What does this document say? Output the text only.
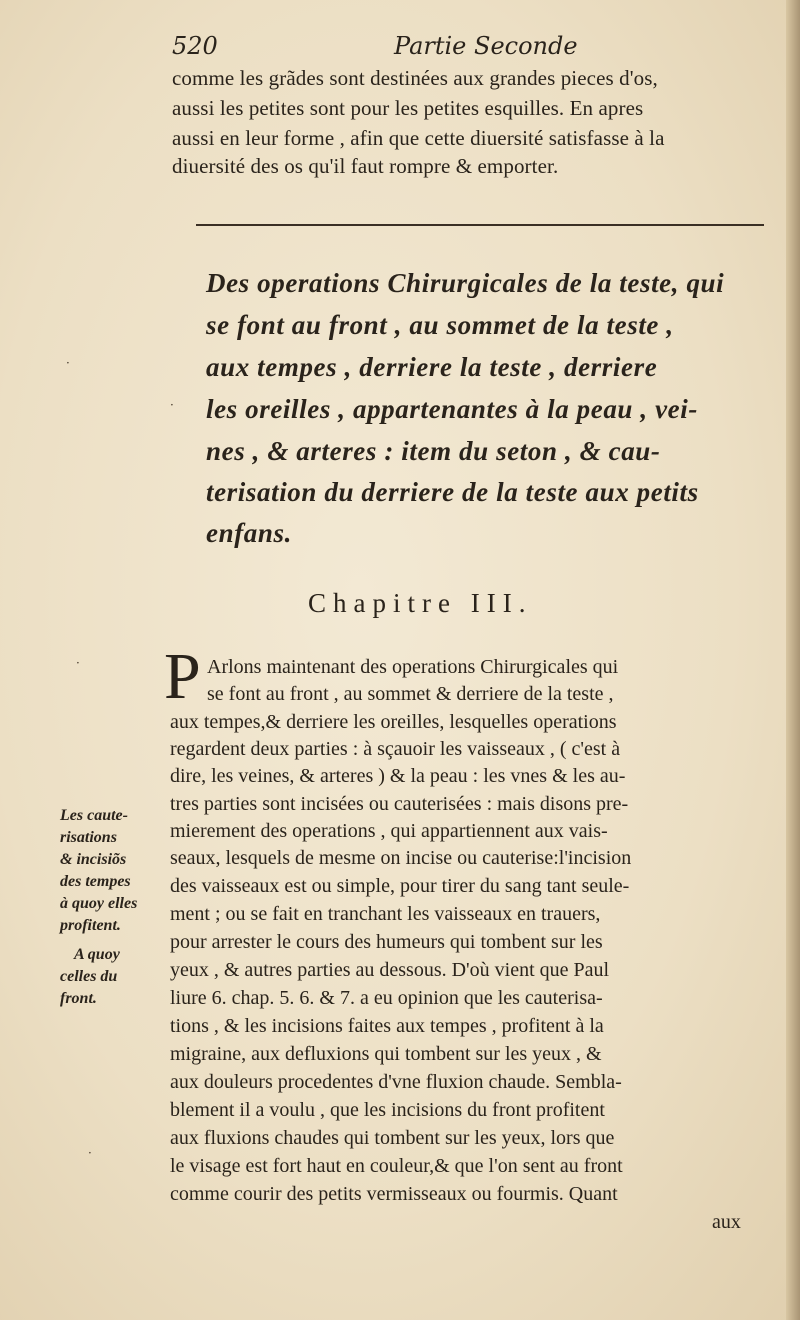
520	Partie Seconde
comme les grãdes sont destinées aux grandes pieces d'os,
aussi les petites sont pour les petites esquilles. En apres
aussi en leur forme , afin que cette diuersité satisfasse à la
diuersité des os qu'il faut rompre & emporter.
Des operations Chirurgicales de la teste, qui
se font au front , au sommet de la teste ,
aux tempes , derriere la teste , derriere
les oreilles , appartenantes à la peau , vei-
nes , & arteres : item du seton , & cau-
terisation du derriere de la teste aux petits
enfans.
Chapitre III.
P Arlons maintenant des operations Chirurgicales qui
se font au front , au sommet & derriere de la teste ,
aux tempes,& derriere les oreilles, lesquelles operations
regardent deux parties : à sçauoir les vaisseaux , ( c'est à
dire, les veines, & arteres ) & la peau : les vnes & les au-
tres parties sont incisées ou cauterisées : mais disons pre-
mierement des operations , qui appartiennent aux vais-
seaux, lesquels de mesme on incise ou cauterise:l'incision
des vaisseaux est ou simple, pour tirer du sang tant seule-
ment ; ou se fait en tranchant les vaisseaux en trauers,
pour arrester le cours des humeurs qui tombent sur les
yeux , & autres parties au dessous. D'où vient que Paul
liure 6. chap. 5. 6. & 7. a eu opinion que les cauterisa-
tions , & les incisions faites aux tempes , profitent à la
migraine, aux defluxions qui tombent sur les yeux , &
aux douleurs procedentes d'vne fluxion chaude. Sembla-
blement il a voulu , que les incisions du front profitent
aux fluxions chaudes qui tombent sur les yeux, lors que
le visage est fort haut en couleur,& que l'on sent au front
comme courir des petits vermisseaux ou fourmis. Quant
aux
Les caute-
risations
& incisiõs
des tempes
à quoy elles
profitent.
A quoy
celles du
front.
·
·
·
·
